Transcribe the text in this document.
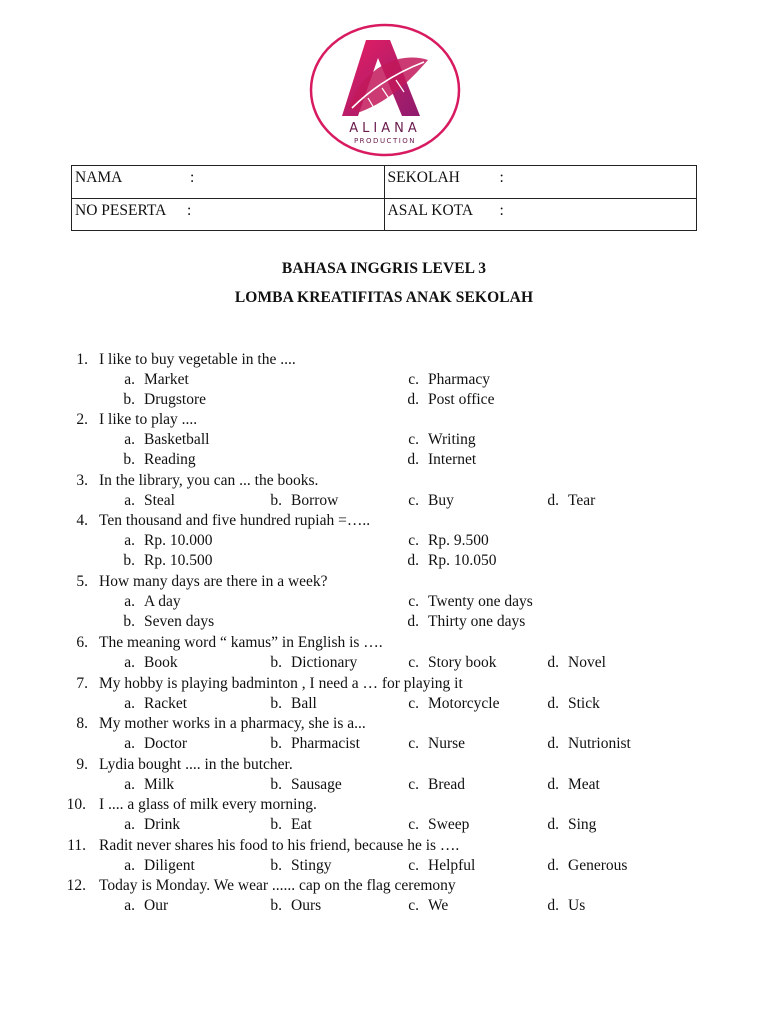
ALIANA
PRODUCTION
NAMA :	SEKOLAH :
NO PESERTA :	ASAL KOTA :
BAHASA INGGRIS LEVEL 3
LOMBA KREATIFITAS ANAK SEKOLAH
1. I like to buy vegetable in the ....
a. Market	c. Pharmacy
b. Drugstore	d. Post office
2. I like to play ....
a. Basketball	c. Writing
b. Reading	d. Internet
3. In the library, you can ... the books.
a. Steal	b. Borrow	c. Buy	d. Tear
4. Ten thousand and five hundred rupiah =…..
a. Rp. 10.000	c. Rp. 9.500
b. Rp. 10.500	d. Rp. 10.050
5. How many days are there in a week?
a. A day	c. Twenty one days
b. Seven days	d. Thirty one days
6. The meaning word “ kamus” in English is ….
a. Book	b. Dictionary	c. Story book	d. Novel
7. My hobby is playing badminton , I need a … for playing it
a. Racket	b. Ball	c. Motorcycle	d. Stick
8. My mother works in a pharmacy, she is a...
a. Doctor	b. Pharmacist	c. Nurse	d. Nutrionist
9. Lydia bought .... in the butcher.
a. Milk	b. Sausage	c. Bread	d. Meat
10. I .... a glass of milk every morning.
a. Drink	b. Eat	c. Sweep	d. Sing
11. Radit never shares his food to his friend, because he is ….
a. Diligent	b. Stingy	c. Helpful	d. Generous
12. Today is Monday. We wear ...... cap on the flag ceremony
a. Our	b. Ours	c. We	d. Us
